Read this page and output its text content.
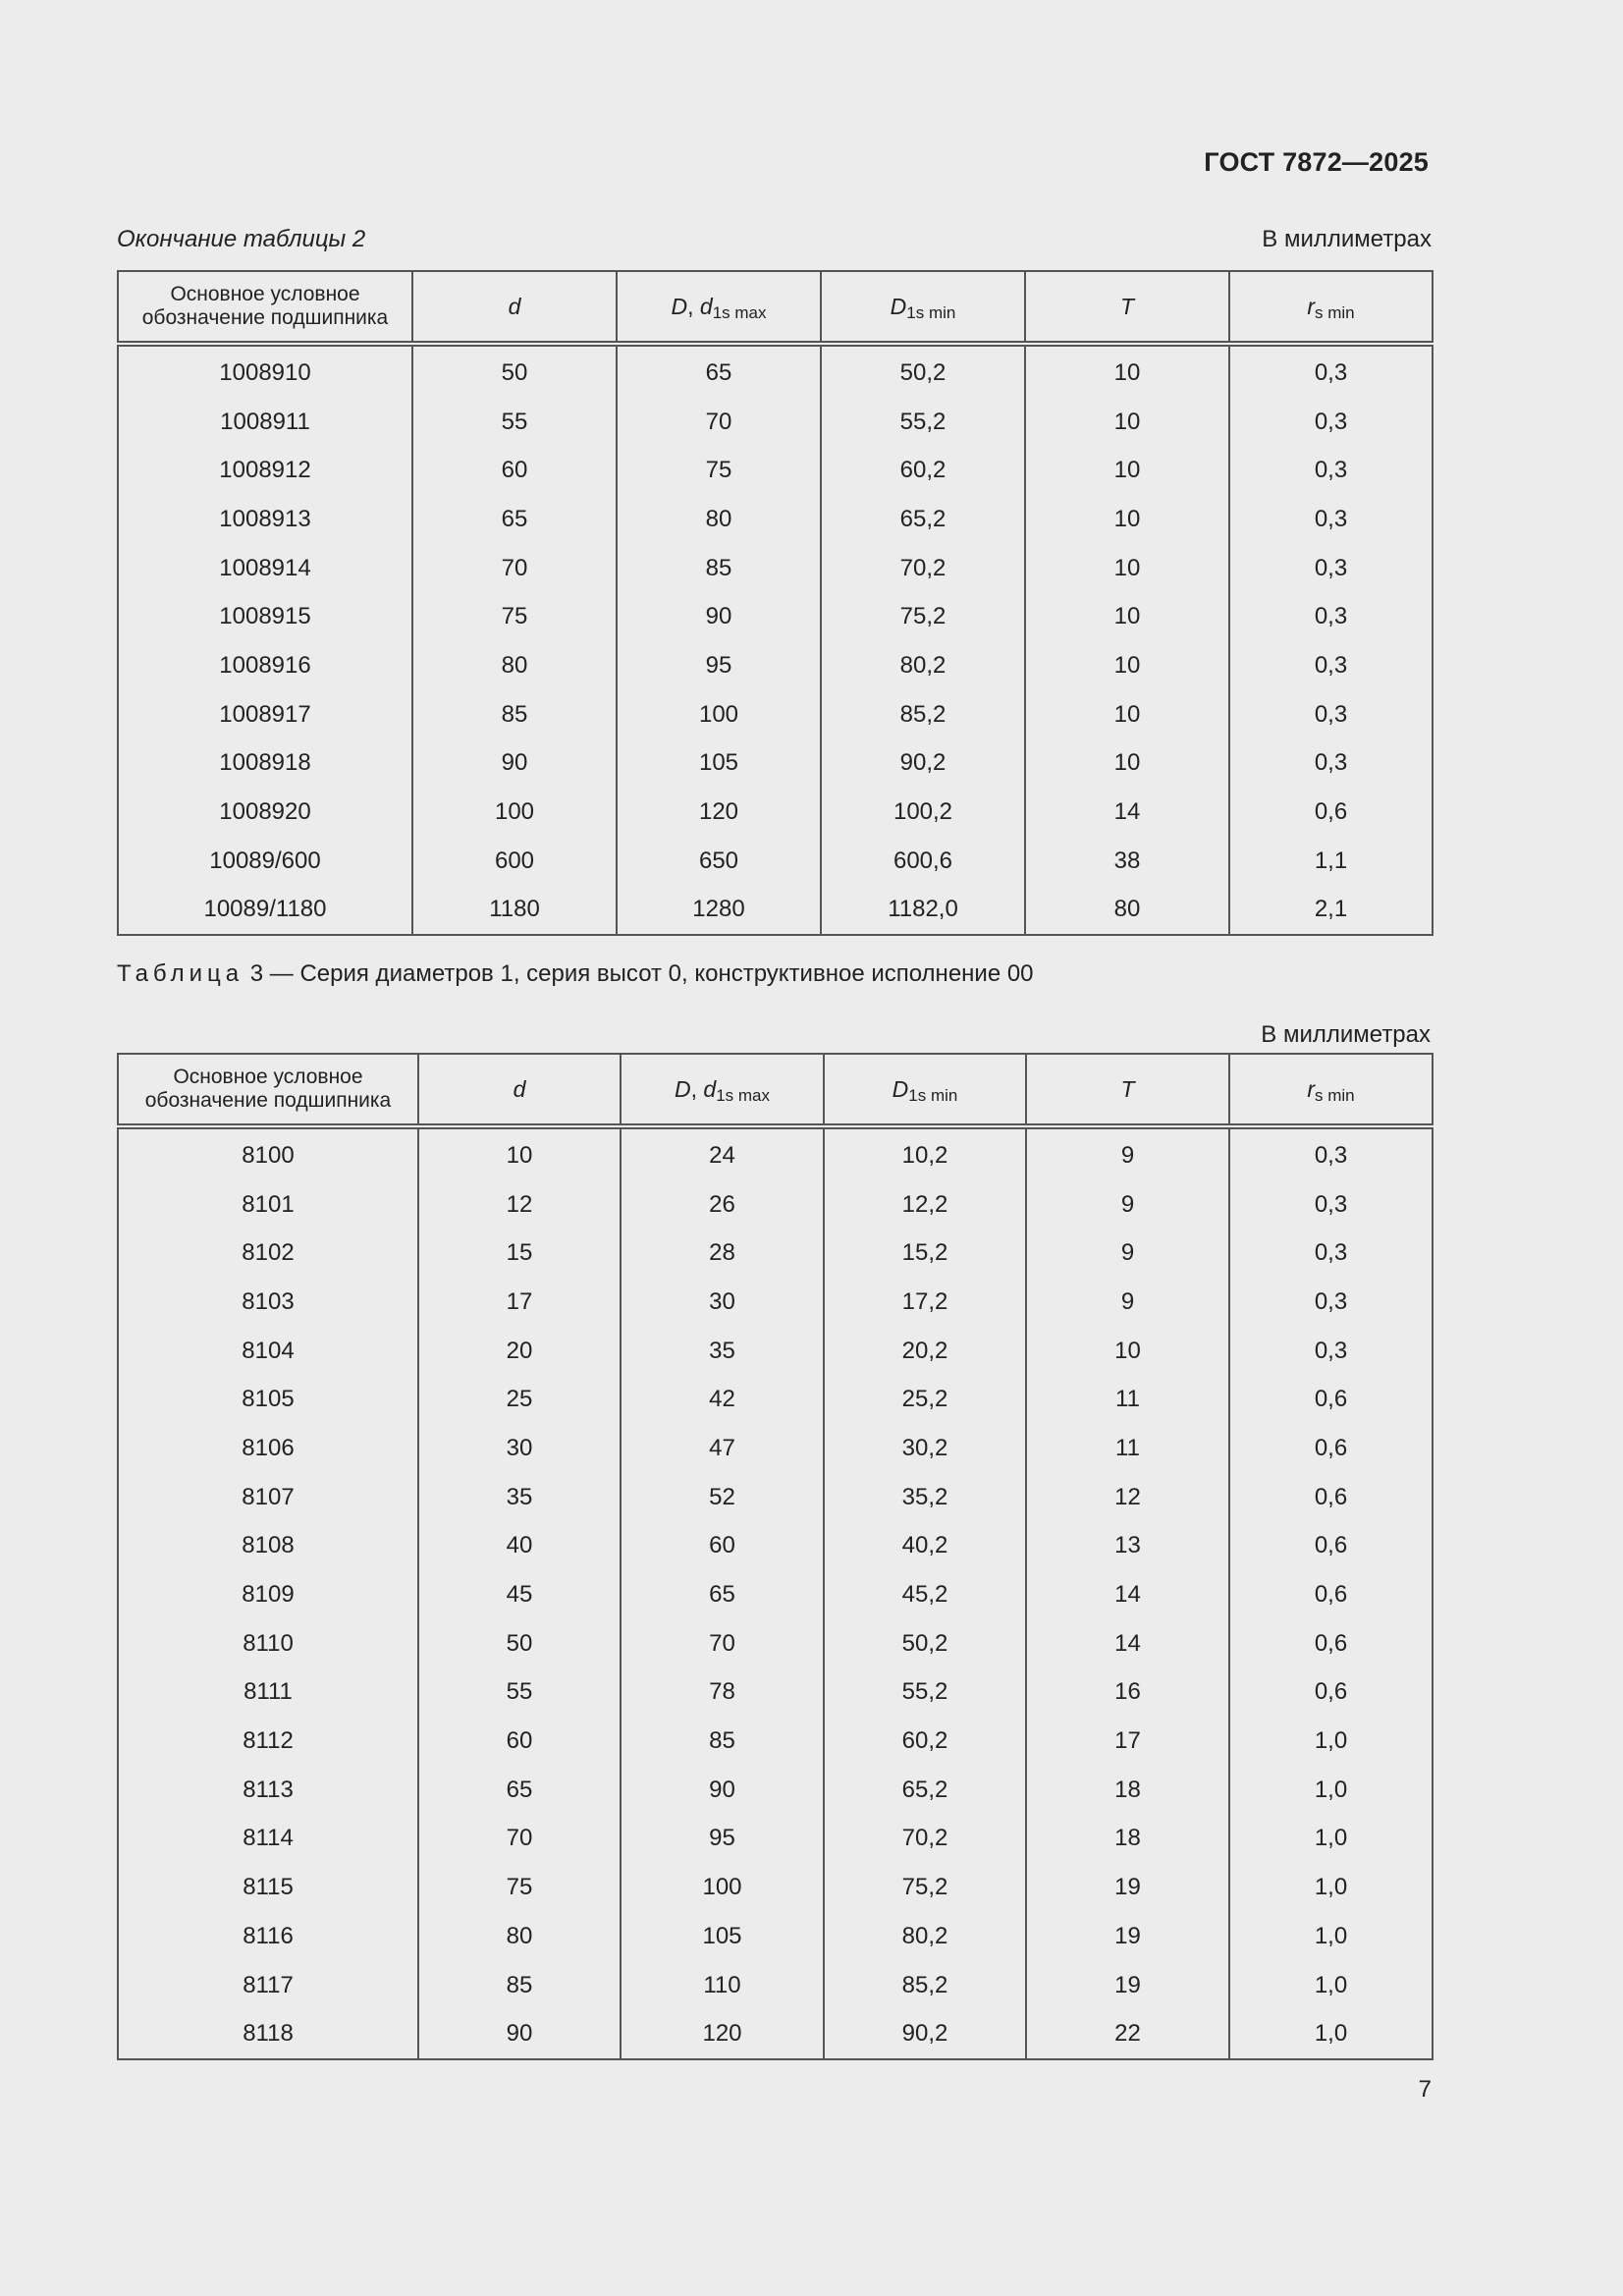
ГОСТ 7872—2025
Окончание таблицы 2	В миллиметрах
Основное условное обозначение подшипника	d	D, $d_{1s max}$	$D_{1s min}$	T	$r_{s min}$
1008910	50	65	50,2	10	0,3
1008911	55	70	55,2	10	0,3
1008912	60	75	60,2	10	0,3
1008913	65	80	65,2	10	0,3
1008914	70	85	70,2	10	0,3
1008915	75	90	75,2	10	0,3
1008916	80	95	80,2	10	0,3
1008917	85	100	85,2	10	0,3
1008918	90	105	90,2	10	0,3
1008920	100	120	100,2	14	0,6
10089/600	600	650	600,6	38	1,1
10089/1180	1180	1280	1182,0	80	2,1
Таблица 3 — Серия диаметров 1, серия высот 0, конструктивное исполнение 00
В миллиметрах
Основное условное обозначение подшипника	d	D, $d_{1s max}$	$D_{1s min}$	T	$r_{s min}$
8100	10	24	10,2	9	0,3
8101	12	26	12,2	9	0,3
8102	15	28	15,2	9	0,3
8103	17	30	17,2	9	0,3
8104	20	35	20,2	10	0,3
8105	25	42	25,2	11	0,6
8106	30	47	30,2	11	0,6
8107	35	52	35,2	12	0,6
8108	40	60	40,2	13	0,6
8109	45	65	45,2	14	0,6
8110	50	70	50,2	14	0,6
8111	55	78	55,2	16	0,6
8112	60	85	60,2	17	1,0
8113	65	90	65,2	18	1,0
8114	70	95	70,2	18	1,0
8115	75	100	75,2	19	1,0
8116	80	105	80,2	19	1,0
8117	85	110	85,2	19	1,0
8118	90	120	90,2	22	1,0
7
